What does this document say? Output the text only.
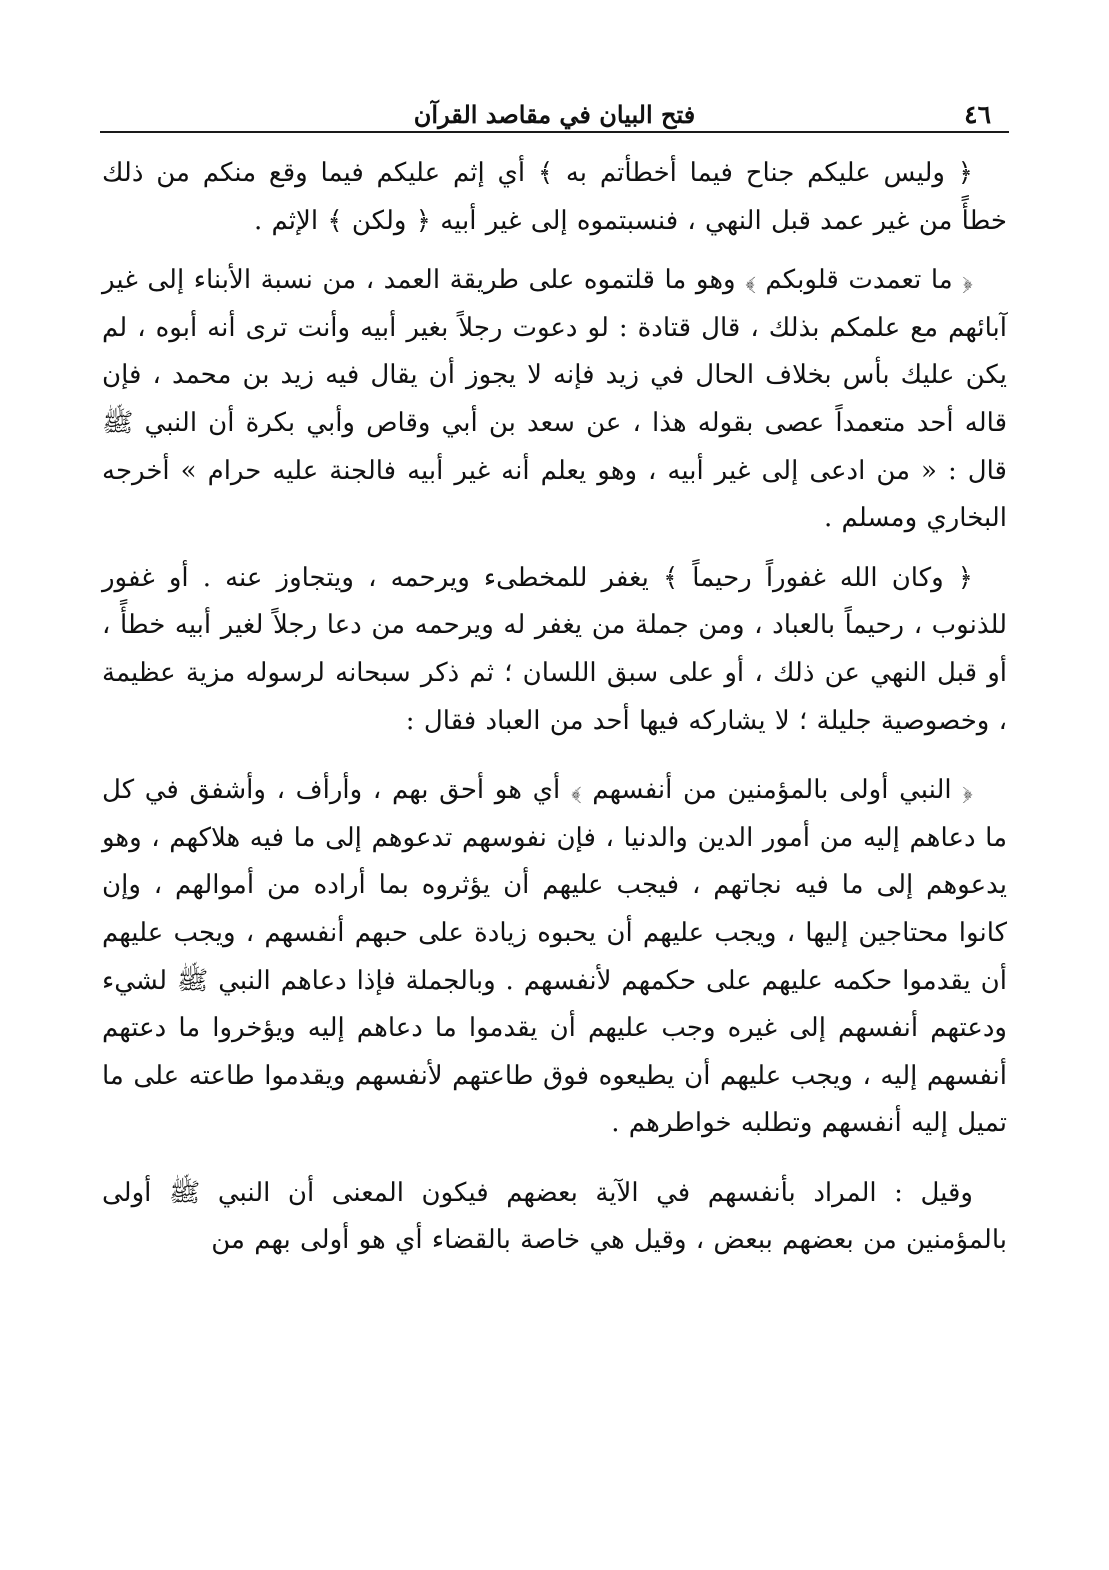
٤٦
فتح البيان في مقاصد القرآن

﴿ وليس عليكم جناح فيما أخطأتم به ﴾ أي إثم عليكم فيما وقع منكم من ذلك خطأً من غير عمد قبل النهي ، فنسبتموه إلى غير أبيه ﴿ ولكن ﴾ الإثم .

﴿ ما تعمدت قلوبكم ﴾ وهو ما قلتموه على طريقة العمد ، من نسبة الأبناء إلى غير آبائهم مع علمكم بذلك ، قال قتادة : لو دعوت رجلاً بغير أبيه وأنت ترى أنه أبوه ، لم يكن عليك بأس بخلاف الحال في زيد فإنه لا يجوز أن يقال فيه زيد بن محمد ، فإن قاله أحد متعمداً عصى بقوله هذا ، عن سعد بن أبي وقاص وأبي بكرة أن النبي ﷺ قال : « من ادعى إلى غير أبيه ، وهو يعلم أنه غير أبيه فالجنة عليه حرام » أخرجه البخاري ومسلم .

﴿ وكان الله غفوراً رحيماً ﴾ يغفر للمخطىء ويرحمه ، ويتجاوز عنه . أو غفور للذنوب ، رحيماً بالعباد ، ومن جملة من يغفر له ويرحمه من دعا رجلاً لغير أبيه خطأً ، أو قبل النهي عن ذلك ، أو على سبق اللسان ؛ ثم ذكر سبحانه لرسوله مزية عظيمة ، وخصوصية جليلة ؛ لا يشاركه فيها أحد من العباد فقال :

﴿ النبي أولى بالمؤمنين من أنفسهم ﴾ أي هو أحق بهم ، وأرأف ، وأشفق في كل ما دعاهم إليه من أمور الدين والدنيا ، فإن نفوسهم تدعوهم إلى ما فيه هلاكهم ، وهو يدعوهم إلى ما فيه نجاتهم ، فيجب عليهم أن يؤثروه بما أراده من أموالهم ، وإن كانوا محتاجين إليها ، ويجب عليهم أن يحبوه زيادة على حبهم أنفسهم ، ويجب عليهم أن يقدموا حكمه عليهم على حكمهم لأنفسهم . وبالجملة فإذا دعاهم النبي ﷺ لشيء ودعتهم أنفسهم إلى غيره وجب عليهم أن يقدموا ما دعاهم إليه ويؤخروا ما دعتهم أنفسهم إليه ، ويجب عليهم أن يطيعوه فوق طاعتهم لأنفسهم ويقدموا طاعته على ما تميل إليه أنفسهم وتطلبه خواطرهم .

وقيل : المراد بأنفسهم في الآية بعضهم فيكون المعنى أن النبي ﷺ أولى بالمؤمنين من بعضهم ببعض ، وقيل هي خاصة بالقضاء أي هو أولى بهم من
